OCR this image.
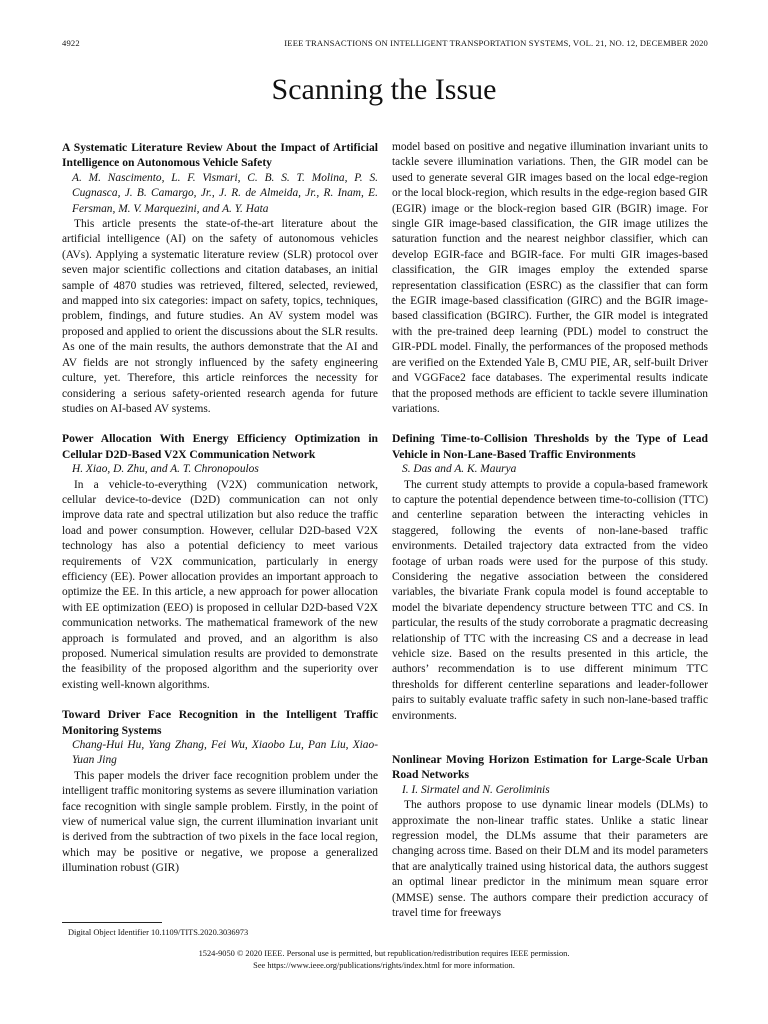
4922	IEEE TRANSACTIONS ON INTELLIGENT TRANSPORTATION SYSTEMS, VOL. 21, NO. 12, DECEMBER 2020
Scanning the Issue
A Systematic Literature Review About the Impact of Artificial Intelligence on Autonomous Vehicle Safety

A. M. Nascimento, L. F. Vismari, C. B. S. T. Molina, P. S. Cugnasca, J. B. Camargo, Jr., J. R. de Almeida, Jr., R. Inam, E. Fersman, M. V. Marquezini, and A. Y. Hata

This article presents the state-of-the-art literature about the artificial intelligence (AI) on the safety of autonomous vehicles (AVs). Applying a systematic literature review (SLR) protocol over seven major scientific collections and citation databases, an initial sample of 4870 studies was retrieved, filtered, selected, reviewed, and mapped into six categories: impact on safety, topics, techniques, problem, findings, and future studies. An AV system model was proposed and applied to orient the discussions about the SLR results. As one of the main results, the authors demonstrate that the AI and AV fields are not strongly influenced by the safety engineering culture, yet. Therefore, this article reinforces the necessity for considering a serious safety-oriented research agenda for future studies on AI-based AV systems.

Power Allocation With Energy Efficiency Optimization in Cellular D2D-Based V2X Communication Network

H. Xiao, D. Zhu, and A. T. Chronopoulos

In a vehicle-to-everything (V2X) communication network, cellular device-to-device (D2D) communication can not only improve data rate and spectral utilization but also reduce the traffic load and power consumption. However, cellular D2D-based V2X technology has also a potential deficiency to meet various requirements of V2X communication, particularly in energy efficiency (EE). Power allocation provides an important approach to optimize the EE. In this article, a new approach for power allocation with EE optimization (EEO) is proposed in cellular D2D-based V2X communication networks. The mathematical framework of the new approach is formulated and proved, and an algorithm is also proposed. Numerical simulation results are provided to demonstrate the feasibility of the proposed algorithm and the superiority over existing well-known algorithms.

Toward Driver Face Recognition in the Intelligent Traffic Monitoring Systems

Chang-Hui Hu, Yang Zhang, Fei Wu, Xiaobo Lu, Pan Liu, Xiao-Yuan Jing

This paper models the driver face recognition problem under the intelligent traffic monitoring systems as severe illumination variation face recognition with single sample problem. Firstly, in the point of view of numerical value sign, the current illumination invariant unit is derived from the subtraction of two pixels in the face local region, which may be positive or negative, we propose a generalized illumination robust (GIR)

model based on positive and negative illumination invariant units to tackle severe illumination variations. Then, the GIR model can be used to generate several GIR images based on the local edge-region or the local block-region, which results in the edge-region based GIR (EGIR) image or the block-region based GIR (BGIR) image. For single GIR image-based classification, the GIR image utilizes the saturation function and the nearest neighbor classifier, which can develop EGIR-face and BGIR-face. For multi GIR images-based classification, the GIR images employ the extended sparse representation classification (ESRC) as the classifier that can form the EGIR image-based classification (GIRC) and the BGIR image-based classification (BGIRC). Further, the GIR model is integrated with the pre-trained deep learning (PDL) model to construct the GIR-PDL model. Finally, the performances of the proposed methods are verified on the Extended Yale B, CMU PIE, AR, self-built Driver and VGGFace2 face databases. The experimental results indicate that the proposed methods are efficient to tackle severe illumination variations.

Defining Time-to-Collision Thresholds by the Type of Lead Vehicle in Non-Lane-Based Traffic Environments

S. Das and A. K. Maurya

The current study attempts to provide a copula-based framework to capture the potential dependence between time-to-collision (TTC) and centerline separation between the interacting vehicles in staggered, following the events of non-lane-based traffic environments. Detailed trajectory data extracted from the video footage of urban roads were used for the purpose of this study. Considering the negative association between the considered variables, the bivariate Frank copula model is found acceptable to model the bivariate dependency structure between TTC and CS. In particular, the results of the study corroborate a pragmatic decreasing relationship of TTC with the increasing CS and a decrease in lead vehicle size. Based on the results presented in this article, the authors’ recommendation is to use different minimum TTC thresholds for different centerline separations and leader-follower pairs to suitably evaluate traffic safety in such non-lane-based traffic environments.

Nonlinear Moving Horizon Estimation for Large-Scale Urban Road Networks

I. I. Sirmatel and N. Geroliminis

The authors propose to use dynamic linear models (DLMs) to approximate the non-linear traffic states. Unlike a static linear regression model, the DLMs assume that their parameters are changing across time. Based on their DLM and its model parameters that are analytically trained using historical data, the authors suggest an optimal linear predictor in the minimum mean square error (MMSE) sense. The authors compare their prediction accuracy of travel time for freeways

Digital Object Identifier 10.1109/TITS.2020.3036973
1524-9050 © 2020 IEEE. Personal use is permitted, but republication/redistribution requires IEEE permission.
See https://www.ieee.org/publications/rights/index.html for more information.
